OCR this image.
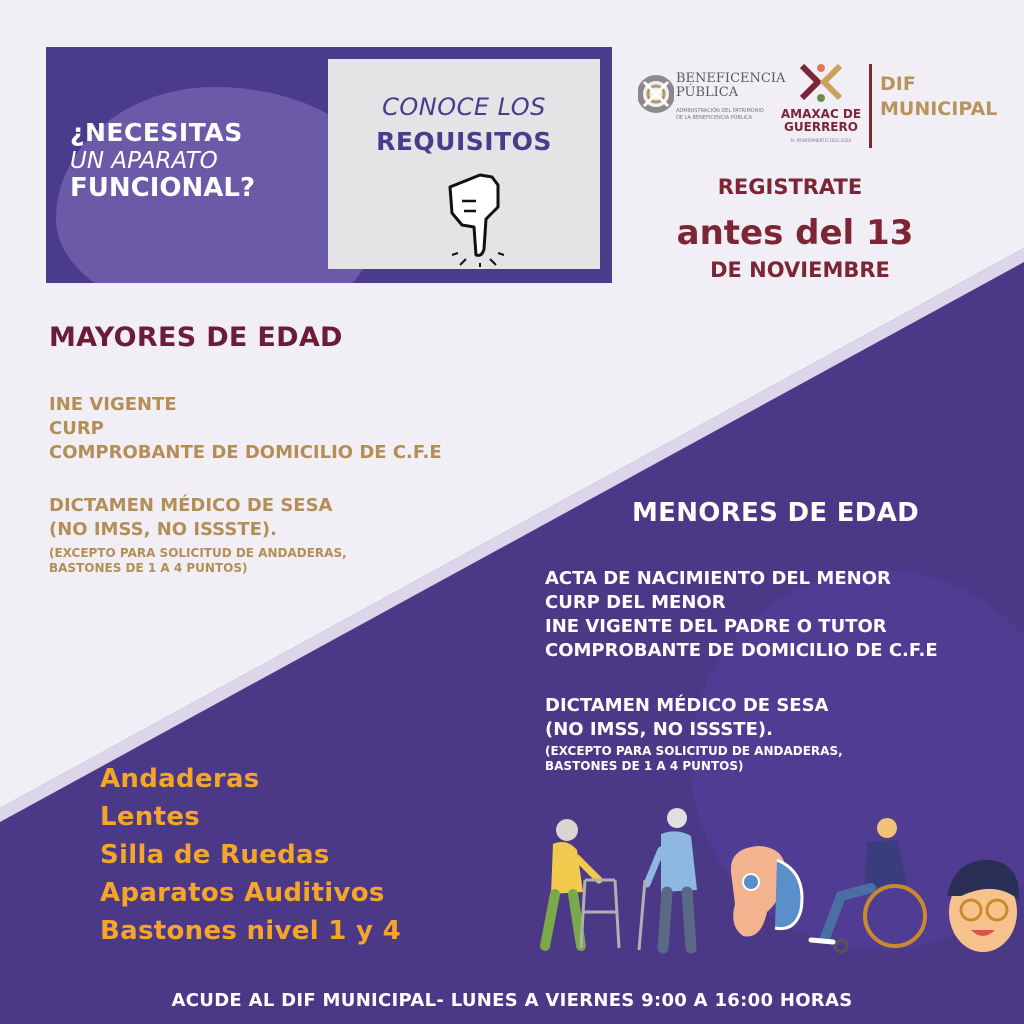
¿NECESITAS
UN APARATO
FUNCIONAL?
CONOCE LOS
REQUISITOS
BENEFICENCIA PÚBLICA
ADMINISTRACIÓN DEL PATRIMONIO DE LA BENEFICENCIA PÚBLICA	AMAXAC DE
GUERRERO
H. AYUNTAMIENTO 2021-2024
DIF
MUNICIPAL
REGISTRATE
antes del 13
DE NOVIEMBRE
MAYORES DE EDAD
INE VIGENTE
CURP
COMPROBANTE DE DOMICILIO DE C.F.E
DICTAMEN MÉDICO DE SESA
(NO IMSS, NO ISSSTE).
(EXCEPTO PARA SOLICITUD DE ANDADERAS,
BASTONES DE 1 A 4 PUNTOS)
MENORES DE EDAD
ACTA DE NACIMIENTO DEL MENOR
CURP DEL MENOR
INE VIGENTE DEL PADRE O TUTOR
COMPROBANTE DE DOMICILIO DE C.F.E
DICTAMEN MÉDICO DE SESA
(NO IMSS, NO ISSSTE).
(EXCEPTO PARA SOLICITUD DE ANDADERAS,
BASTONES DE 1 A 4 PUNTOS)
Andaderas
Lentes
Silla de Ruedas
Aparatos Auditivos
Bastones nivel 1 y 4
ACUDE AL DIF MUNICIPAL- LUNES A VIERNES 9:00 A 16:00 HORAS
